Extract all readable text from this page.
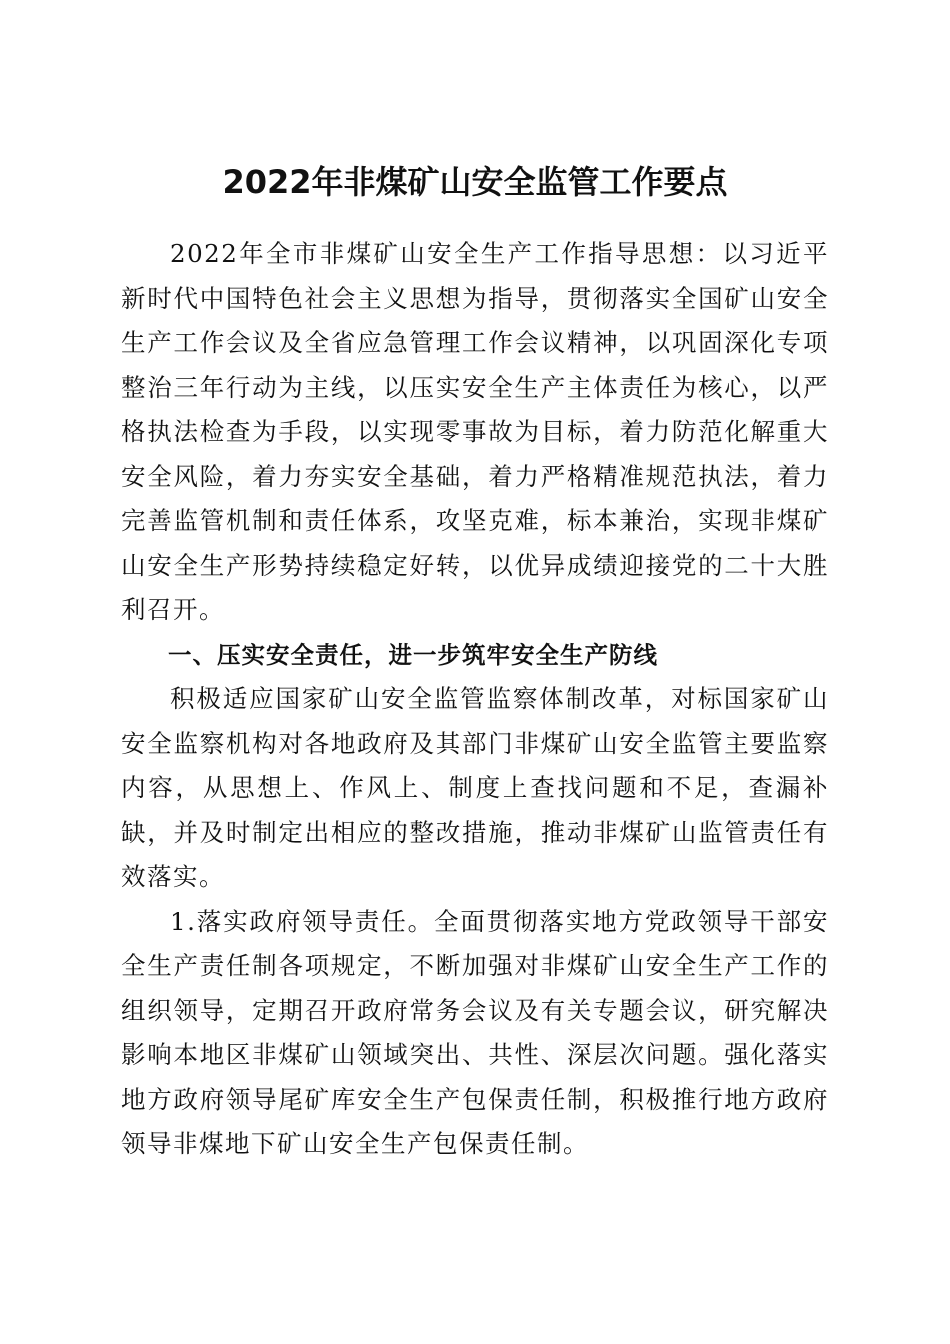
2022年非煤矿山安全监管工作要点

2022年全市非煤矿山安全生产工作指导思想：以习近平新时代中国特色社会主义思想为指导，贯彻落实全国矿山安全生产工作会议及全省应急管理工作会议精神，以巩固深化专项整治三年行动为主线，以压实安全生产主体责任为核心，以严格执法检查为手段，以实现零事故为目标，着力防范化解重大安全风险，着力夯实安全基础，着力严格精准规范执法，着力完善监管机制和责任体系，攻坚克难，标本兼治，实现非煤矿山安全生产形势持续稳定好转，以优异成绩迎接党的二十大胜利召开。

一、压实安全责任，进一步筑牢安全生产防线

积极适应国家矿山安全监管监察体制改革，对标国家矿山安全监察机构对各地政府及其部门非煤矿山安全监管主要监察内容，从思想上、作风上、制度上查找问题和不足，查漏补缺，并及时制定出相应的整改措施，推动非煤矿山监管责任有效落实。

1.落实政府领导责任。全面贯彻落实地方党政领导干部安全生产责任制各项规定，不断加强对非煤矿山安全生产工作的组织领导，定期召开政府常务会议及有关专题会议，研究解决影响本地区非煤矿山领域突出、共性、深层次问题。强化落实地方政府领导尾矿库安全生产包保责任制，积极推行地方政府领导非煤地下矿山安全生产包保责任制。
